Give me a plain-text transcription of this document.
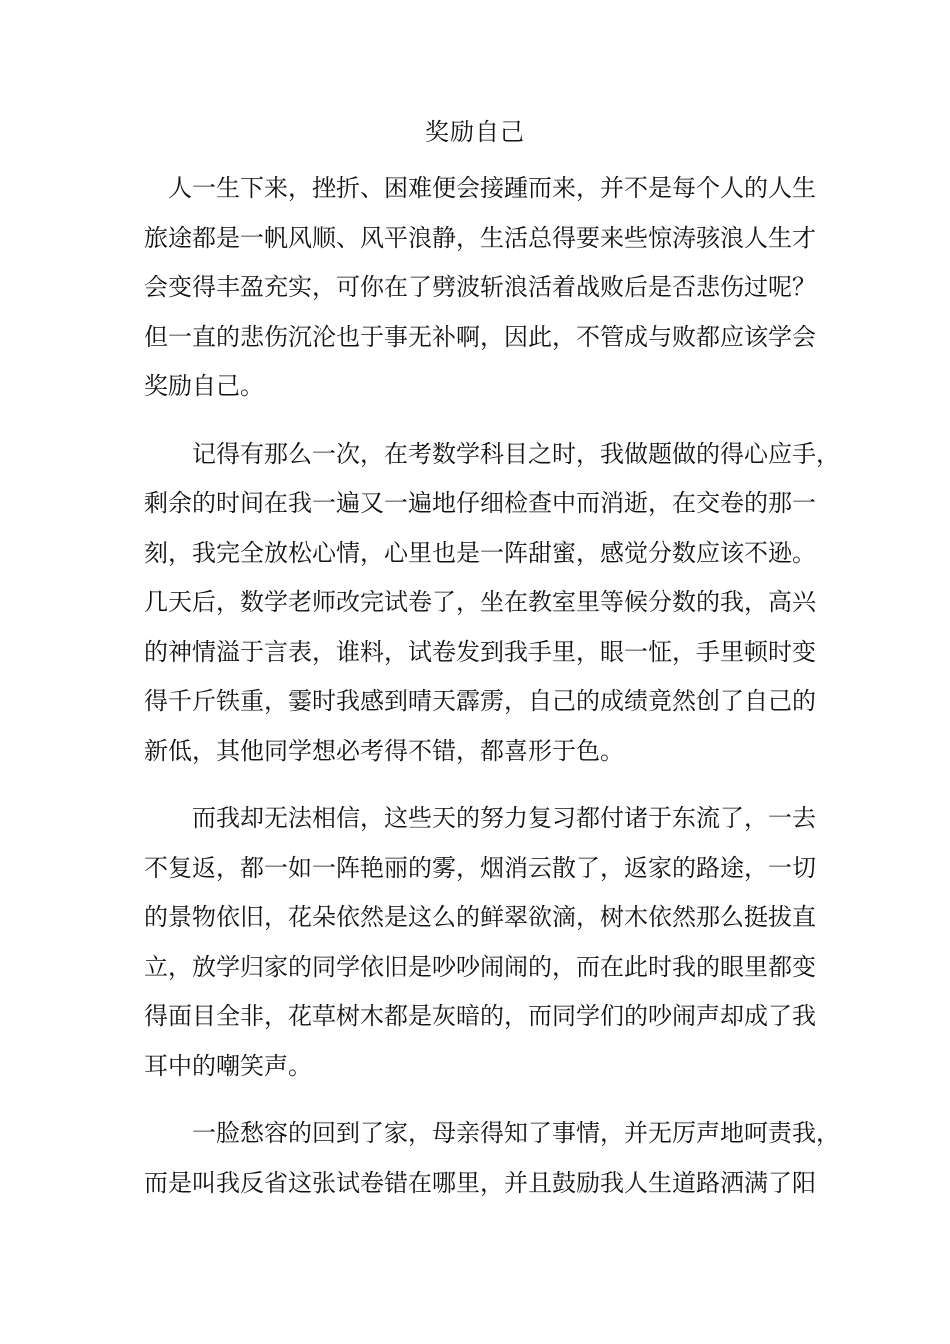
奖励自己

人一生下来，挫折、困难便会接踵而来，并不是每个人的人生
旅途都是一帆风顺、风平浪静，生活总得要来些惊涛骇浪人生才
会变得丰盈充实，可你在了劈波斩浪活着战败后是否悲伤过呢？
但一直的悲伤沉沦也于事无补啊，因此，不管成与败都应该学会
奖励自己。

记得有那么一次，在考数学科目之时，我做题做的得心应手，
剩余的时间在我一遍又一遍地仔细检查中而消逝，在交卷的那一
刻，我完全放松心情，心里也是一阵甜蜜，感觉分数应该不逊。
几天后，数学老师改完试卷了，坐在教室里等候分数的我，高兴
的神情溢于言表，谁料，试卷发到我手里，眼一怔，手里顿时变
得千斤铁重，霎时我感到晴天霹雳，自己的成绩竟然创了自己的
新低，其他同学想必考得不错，都喜形于色。

而我却无法相信，这些天的努力复习都付诸于东流了，一去
不复返，都一如一阵艳丽的雾，烟消云散了，返家的路途，一切
的景物依旧，花朵依然是这么的鲜翠欲滴，树木依然那么挺拔直
立，放学归家的同学依旧是吵吵闹闹的，而在此时我的眼里都变
得面目全非，花草树木都是灰暗的，而同学们的吵闹声却成了我
耳中的嘲笑声。

一脸愁容的回到了家，母亲得知了事情，并无厉声地呵责我，
而是叫我反省这张试卷错在哪里，并且鼓励我人生道路洒满了阳
